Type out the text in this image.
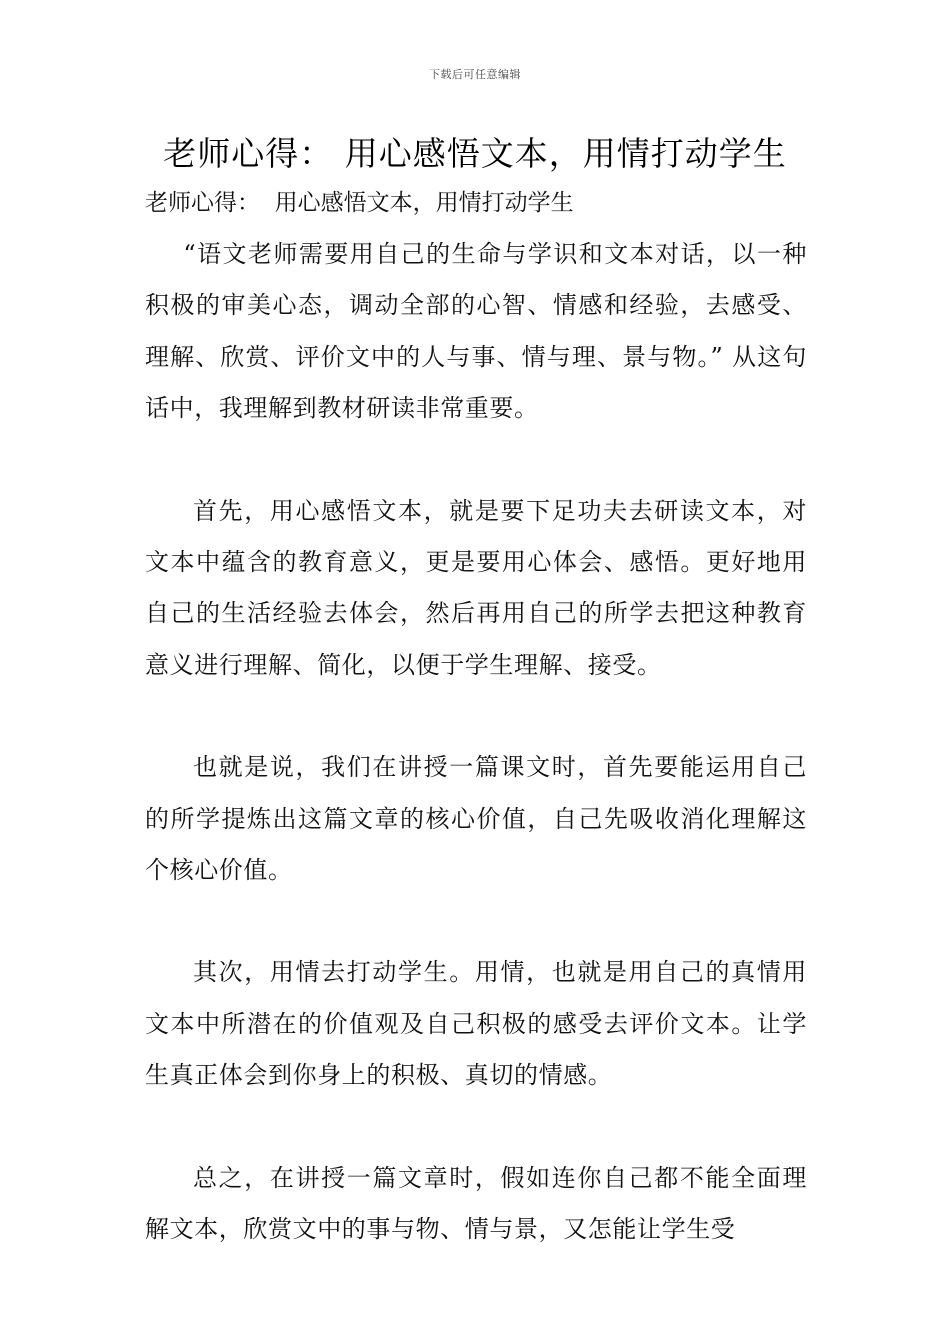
下载后可任意编辑
老师心得： 用心感悟文本，用情打动学生
老师心得：  用心感悟文本，用情打动学生

“语文老师需要用自己的生命与学识和文本对话，以一种积极的审美心态，调动全部的心智、情感和经验，去感受、理解、欣赏、评价文中的人与事、情与理、景与物。” 从这句话中，我理解到教材研读非常重要。

首先，用心感悟文本，就是要下足功夫去研读文本，对文本中蕴含的教育意义，更是要用心体会、感悟。更好地用自己的生活经验去体会，然后再用自己的所学去把这种教育意义进行理解、简化，以便于学生理解、接受。

也就是说，我们在讲授一篇课文时，首先要能运用自己的所学提炼出这篇文章的核心价值，自己先吸收消化理解这个核心价值。

其次，用情去打动学生。用情，也就是用自己的真情用文本中所潜在的价值观及自己积极的感受去评价文本。让学生真正体会到你身上的积极、真切的情感。

总之，在讲授一篇文章时，假如连你自己都不能全面理解文本，欣赏文中的事与物、情与景，又怎能让学生受
